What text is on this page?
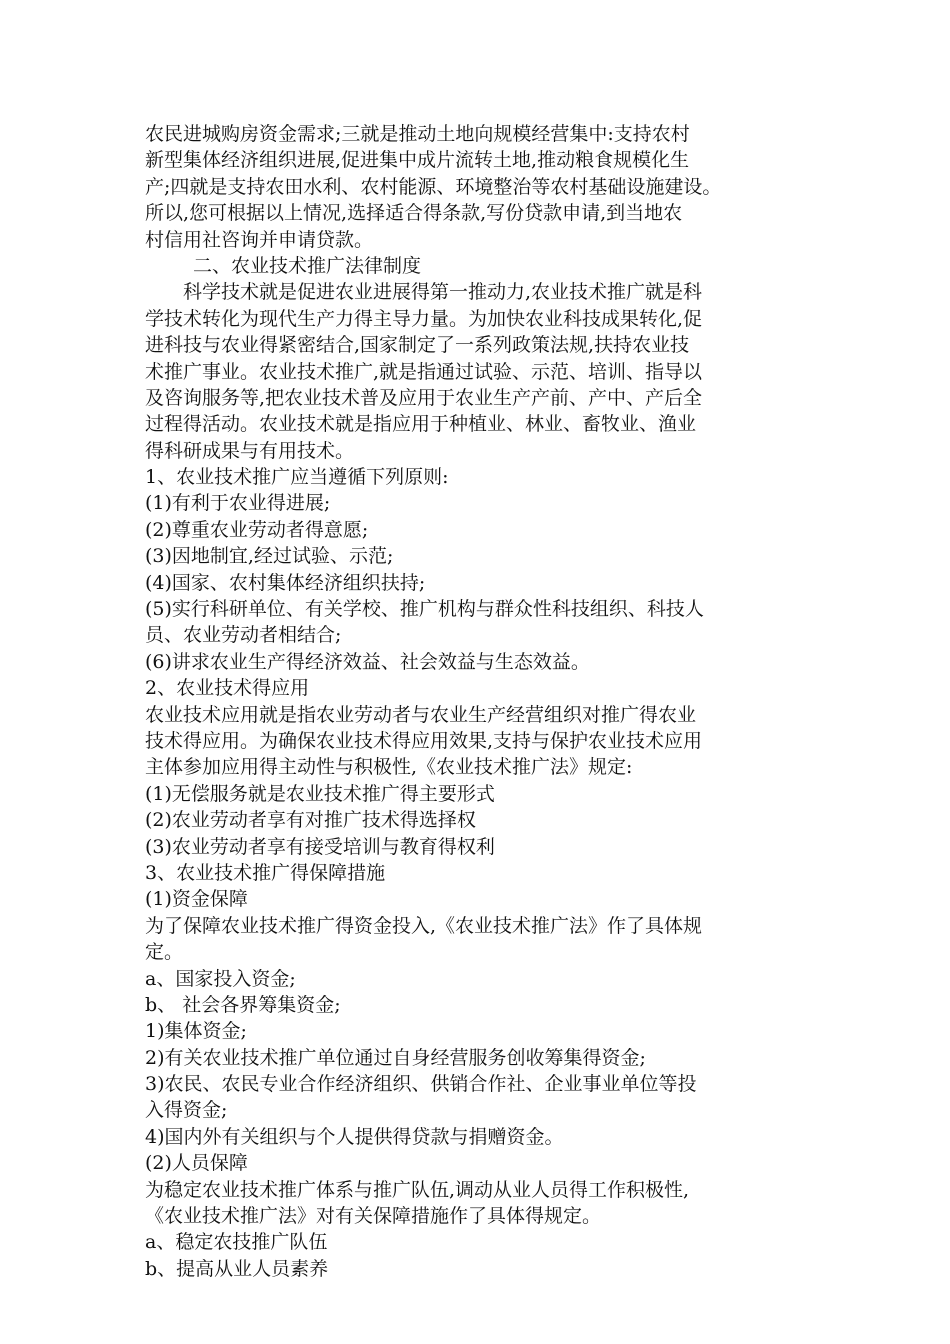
农民进城购房资金需求;三就是推动土地向规模经营集中:支持农村
新型集体经济组织进展,促进集中成片流转土地,推动粮食规模化生
产;四就是支持农田水利、农村能源、环境整治等农村基础设施建设。
所以,您可根据以上情况,选择适合得条款,写份贷款申请,到当地农
村信用社咨询并申请贷款。
二、农业技术推广法律制度
科学技术就是促进农业进展得第一推动力,农业技术推广就是科
学技术转化为现代生产力得主导力量。为加快农业科技成果转化,促
进科技与农业得紧密结合,国家制定了一系列政策法规,扶持农业技
术推广事业。农业技术推广,就是指通过试验、示范、培训、指导以
及咨询服务等,把农业技术普及应用于农业生产产前、产中、产后全
过程得活动。农业技术就是指应用于种植业、林业、畜牧业、渔业
得科研成果与有用技术。
1、农业技术推广应当遵循下列原则:
(1)有利于农业得进展;
(2)尊重农业劳动者得意愿;
(3)因地制宜,经过试验、示范;
(4)国家、农村集体经济组织扶持;
(5)实行科研单位、有关学校、推广机构与群众性科技组织、科技人
员、农业劳动者相结合;
(6)讲求农业生产得经济效益、社会效益与生态效益。
2、农业技术得应用
农业技术应用就是指农业劳动者与农业生产经营组织对推广得农业
技术得应用。为确保农业技术得应用效果,支持与保护农业技术应用
主体参加应用得主动性与积极性,《农业技术推广法》规定:
(1)无偿服务就是农业技术推广得主要形式
(2)农业劳动者享有对推广技术得选择权
(3)农业劳动者享有接受培训与教育得权利
3、农业技术推广得保障措施
(1)资金保障
为了保障农业技术推广得资金投入,《农业技术推广法》作了具体规
定。
a、国家投入资金;
b、 社会各界筹集资金;
1)集体资金;
2)有关农业技术推广单位通过自身经营服务创收筹集得资金;
3)农民、农民专业合作经济组织、供销合作社、企业事业单位等投
入得资金;
4)国内外有关组织与个人提供得贷款与捐赠资金。
(2)人员保障
为稳定农业技术推广体系与推广队伍,调动从业人员得工作积极性,
《农业技术推广法》对有关保障措施作了具体得规定。
a、稳定农技推广队伍
b、提高从业人员素养
